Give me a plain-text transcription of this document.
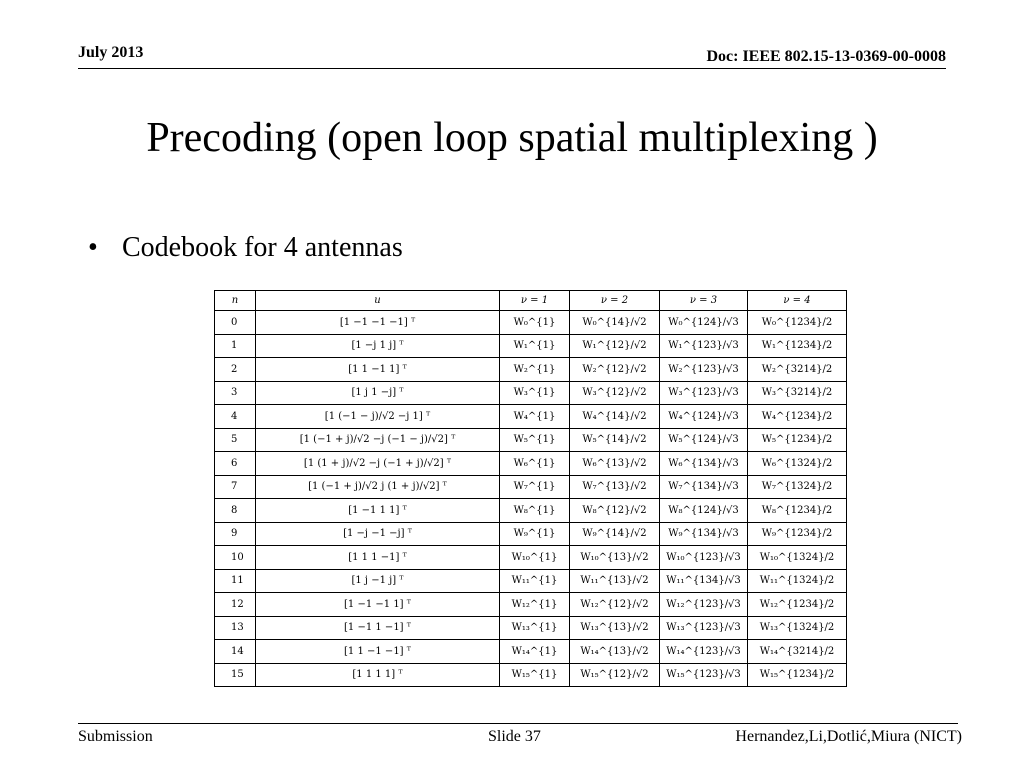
July 2013	Doc: IEEE 802.15-13-0369-00-0008
Precoding (open loop spatial multiplexing )
• Codebook for 4 antennas
n	u	ν = 1	ν = 2	ν = 3	ν = 4
0	[1 −1 −1 −1] ᵀ	W₀^{1}	W₀^{14}/√2	W₀^{124}/√3	W₀^{1234}/2
1	[1 −j 1 j] ᵀ	W₁^{1}	W₁^{12}/√2	W₁^{123}/√3	W₁^{1234}/2
2	[1 1 −1 1] ᵀ	W₂^{1}	W₂^{12}/√2	W₂^{123}/√3	W₂^{3214}/2
3	[1 j 1 −j] ᵀ	W₃^{1}	W₃^{12}/√2	W₃^{123}/√3	W₃^{3214}/2
4	[1 (−1 − j)/√2 −j 1] ᵀ	W₄^{1}	W₄^{14}/√2	W₄^{124}/√3	W₄^{1234}/2
5	[1 (−1 + j)/√2 −j (−1 − j)/√2] ᵀ	W₅^{1}	W₅^{14}/√2	W₅^{124}/√3	W₅^{1234}/2
6	[1 (1 + j)/√2 −j (−1 + j)/√2] ᵀ	W₆^{1}	W₆^{13}/√2	W₆^{134}/√3	W₆^{1324}/2
7	[1 (−1 + j)/√2 j (1 + j)/√2] ᵀ	W₇^{1}	W₇^{13}/√2	W₇^{134}/√3	W₇^{1324}/2
8	[1 −1 1 1] ᵀ	W₈^{1}	W₈^{12}/√2	W₈^{124}/√3	W₈^{1234}/2
9	[1 −j −1 −j] ᵀ	W₉^{1}	W₉^{14}/√2	W₉^{134}/√3	W₉^{1234}/2
10	[1 1 1 −1] ᵀ	W₁₀^{1}	W₁₀^{13}/√2	W₁₀^{123}/√3	W₁₀^{1324}/2
11	[1 j −1 j] ᵀ	W₁₁^{1}	W₁₁^{13}/√2	W₁₁^{134}/√3	W₁₁^{1324}/2
12	[1 −1 −1 1] ᵀ	W₁₂^{1}	W₁₂^{12}/√2	W₁₂^{123}/√3	W₁₂^{1234}/2
13	[1 −1 1 −1] ᵀ	W₁₃^{1}	W₁₃^{13}/√2	W₁₃^{123}/√3	W₁₃^{1324}/2
14	[1 1 −1 −1] ᵀ	W₁₄^{1}	W₁₄^{13}/√2	W₁₄^{123}/√3	W₁₄^{3214}/2
15	[1 1 1 1] ᵀ	W₁₅^{1}	W₁₅^{12}/√2	W₁₅^{123}/√3	W₁₅^{1234}/2
Submission	Slide 37	Hernandez,Li,Dotlić,Miura (NICT)
